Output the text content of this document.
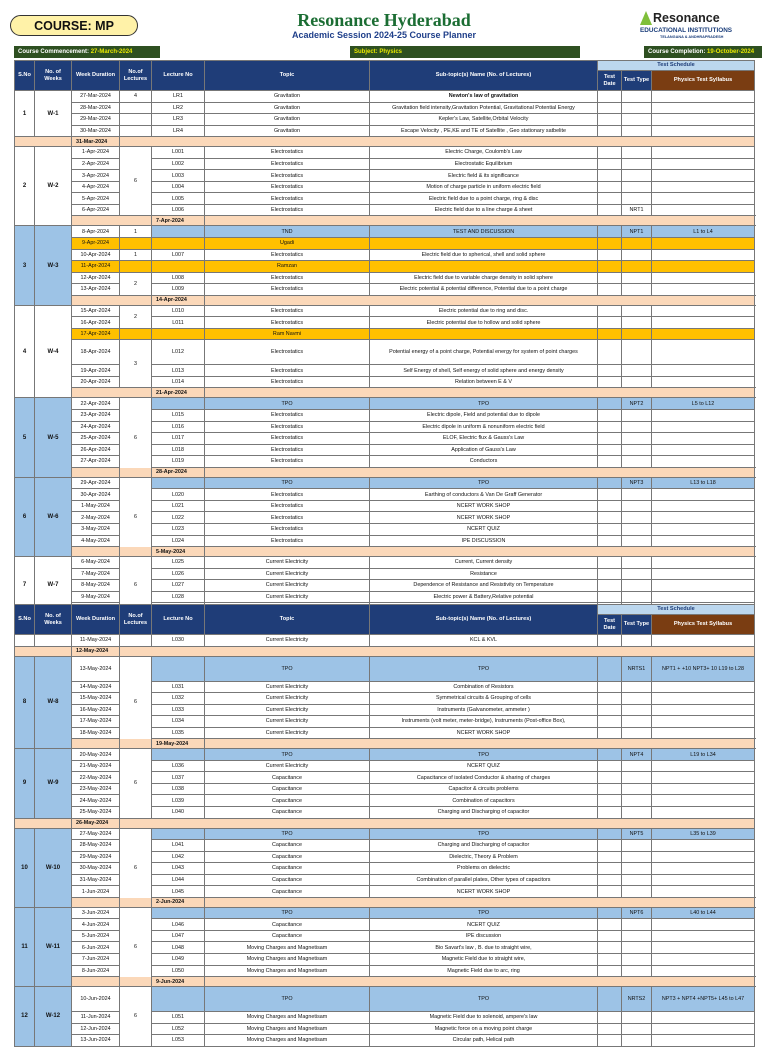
COURSE: MP	Resonance Hyderabad
Academic Session 2024-25 Course Planner
Resonance
EDUCATIONAL INSTITUTIONS
TELANGANA & ANDHRAPRADESH
Course Commencement: 27-March-2024	Subject: Physics	Course Completion: 19-October-2024
S.No	No. of Weeks	Week Duration	No.of Lectures	Lecture No	Topic	Sub-topic(s) Name (No. of Lectures)	Test Schedule		
							Test Date	Test Type	Physics Test Syllabus
1	W-1	27-Mar-2024	4	LR1	Gravitation	Newton's law of gravitation			
		28-Mar-2024		LR2	Gravitation	Gravitation field intensity,Gravitation Potential, Gravitational Potential Energy			
		29-Mar-2024		LR3	Gravitation	Kepler's Law, Satellite,Orbital Velocity			
		30-Mar-2024		LR4	Gravitation	Escape Velocity , PE,KE and TE of Satellite , Geo stationary satbelite			
		31-Mar-2024							
2	W-2	1-Apr-2024	6	L001	Electrostatics	Electric Charge, Coulomb's Law			
		2-Apr-2024		L002	Electrostatics	Electrostatic Equilibrium			
		3-Apr-2024		L003	Electrostatics	Electric field & its significance			
		4-Apr-2024		L004	Electrostatics	Motion of charge particle in uniform electric field			
		5-Apr-2024		L005	Electrostatics	Electric field due to a point charge, ring & disc			
		6-Apr-2024		L006	Electrostatics	Electric field due to a line charge & sheet		NRT1	
				7-Apr-2024					
3	W-3	8-Apr-2024	1		TND	TEST AND DISCUSSION		NPT1	L1 to L4
		9-Apr-2024			Ugadi				
		10-Apr-2024	1	L007	Electrostatics	Electric field due to spherical, shell and solid sphere			
		11-Apr-2024			Ramzan				
		12-Apr-2024	2	L008	Electrostatics	Electric field due to variable charge density in solid sphere			
		13-Apr-2024		L009	Electrostatics	Electric potential & potential difference, Potential due to a point charge			
				14-Apr-2024					
4	W-4	15-Apr-2024	2	L010	Electrostatics	Electric potential due to ring and disc.			
		16-Apr-2024		L011	Electrostatics	Electric potential due to hollow and solid sphere			
		17-Apr-2024			Ram Navmi				
		18-Apr-2024	3	L012	Electrostatics	Potential energy of a point charge, Potential energy for system of point charges			
		19-Apr-2024		L013	Electrostatics	Self Energy of shell, Self energy of solid sphere and energy density			
		20-Apr-2024		L014	Electrostatics	Relation between E & V			
				21-Apr-2024					
5	W-5	22-Apr-2024	6		TPO	TPO		NPT2	L5 to L12
		23-Apr-2024		L015	Electrostatics	Electric dipole, Field and potential due to dipole			
		24-Apr-2024		L016	Electrostatics	Electric dipole in uniform & nonuniform electric field			
		25-Apr-2024		L017	Electrostatics	ELOF, Electric flux & Gauss's Law			
		26-Apr-2024		L018	Electrostatics	Application of Gauss's Law			
		27-Apr-2024		L019	Electrostatics	Conductors			
				28-Apr-2024					
6	W-6	29-Apr-2024	6		TPO	TPO		NPT3	L13 to L18
		30-Apr-2024		L020	Electrostatics	Earthing of conductors & Van De Graff Generator			
		1-May-2024		L021	Electrostatics	NCERT WORK SHOP			
		2-May-2024		L022	Electrostatics	NCERT WORK SHOP			
		3-May-2024		L023	Electrostatics	NCERT QUIZ			
		4-May-2024		L024	Electrostatics	IPE DISCUSSION			
				5-May-2024					
7	W-7	6-May-2024	6	L025	Current Electricity	Current, Current density			
		7-May-2024		L026	Current Electricity	Resistance			
		8-May-2024		L027	Current Electricity	Dependence of Resistance and Resistivity on Temperature			
		9-May-2024		L028	Current Electricity	Electric power & Battery,Relative potential			

S.No	No. of Weeks	Week Duration	No.of Lectures	Lecture No	Topic	Sub-topic(s) Name (No. of Lectures)	Test Schedule		
							Test Date	Test Type	Physics Test Syllabus
		11-May-2024		L030	Current Electricity	KCL & KVL			
		12-May-2024							
8	W-8	13-May-2024	6		TPO	TPO		NRTS1	NPT1 + +10 NPT3+ 10 L19 to L28
		14-May-2024		L031	Current Electricity	Combination of Resistors			
		15-May-2024		L032	Current Electricity	Symmetrical circuits & Grouping of cells			
		16-May-2024		L033	Current Electricity	Instruments (Galvanometer, ammeter )			
		17-May-2024		L034	Current Electricity	Instruments (volt meter, meter-bridge), Instruments (Post-office Box),			
		18-May-2024		L035	Current Electricity	NCERT WORK SHOP			
				19-May-2024					
9	W-9	20-May-2024	6		TPO	TPO		NPT4	L19 to L34
		21-May-2024		L036	Current Electricity	NCERT QUIZ			
		22-May-2024		L037	Capacitance	Capacitance of isolated Conductor & sharing of charges			
		23-May-2024		L038	Capacitance	Capacitor & circuits problems			
		24-May-2024		L039	Capacitance	Combination of capacitors			
		25-May-2024		L040	Capacitance	Charging and Discharging of capacitor			
		26-May-2024							
10	W-10	27-May-2024	6		TPO	TPO		NPT5	L35 to L39
		28-May-2024		L041	Capacitance	Charging and Discharging of capacitor			
		29-May-2024		L042	Capacitance	Dielectric, Theory & Problem			
		30-May-2024		L043	Capacitance	Problems on dielectric			
		31-May-2024		L044	Capacitance	Combination of parallel plates, Other types of capacitors			
		1-Jun-2024		L045	Capacitance	NCERT WORK SHOP			
				2-Jun-2024					
11	W-11	3-Jun-2024	6		TPO	TPO		NPT6	L40 to L44
		4-Jun-2024		L046	Capacitance	NCERT QUIZ			
		5-Jun-2024		L047	Capacitance	IPE discussion			
		6-Jun-2024		L048	Moving Charges and Magnetisam	Bio Savart's law , B. due to straight wire,			
		7-Jun-2024		L049	Moving Charges and Magnetisam	Magnetic Field due to straight wire,			
		8-Jun-2024		L050	Moving Charges and Magnetisam	Magnetic Field due to arc, ring			
				9-Jun-2024					
12	W-12	10-Jun-2024	6		TPO	TPO		NRTS2	NPT3 + NPT4 +NPT5+ L45 to L47
		11-Jun-2024		L051	Moving Charges and Magnetisam	Magnetic Field due to solenoid, ampere's law			
		12-Jun-2024		L052	Moving Charges and Magnetisam	Magnetic force on a moving point charge			
		13-Jun-2024		L053	Moving Charges and Magnetisam	Circular path, Helical path			
